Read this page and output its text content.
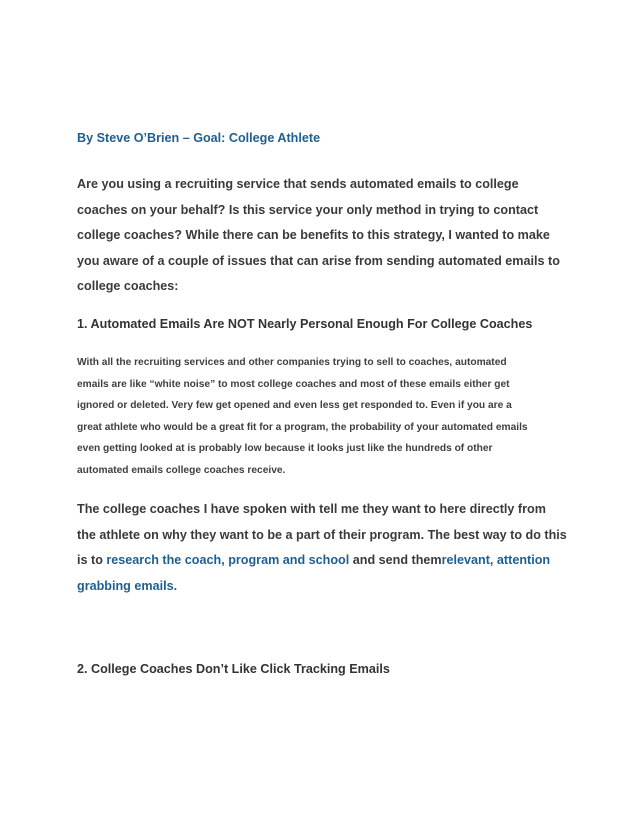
By Steve O’Brien – Goal: College Athlete
Are you using a recruiting service that sends automated emails to college
coaches on your behalf? Is this service your only method in trying to contact
college coaches? While there can be benefits to this strategy, I wanted to make
you aware of a couple of issues that can arise from sending automated emails to
college coaches:
1. Automated Emails Are NOT Nearly Personal Enough For College Coaches
With all the recruiting services and other companies trying to sell to coaches, automated
emails are like “white noise” to most college coaches and most of these emails either get
ignored or deleted. Very few get opened and even less get responded to. Even if you are a
great athlete who would be a great fit for a program, the probability of your automated emails
even getting looked at is probably low because it looks just like the hundreds of other
automated emails college coaches receive.
The college coaches I have spoken with tell me they want to here directly from
the athlete on why they want to be a part of their program. The best way to do this
is to research the coach, program and school and send themrelevant, attention
grabbing emails.
2. College Coaches Don’t Like Click Tracking Emails
